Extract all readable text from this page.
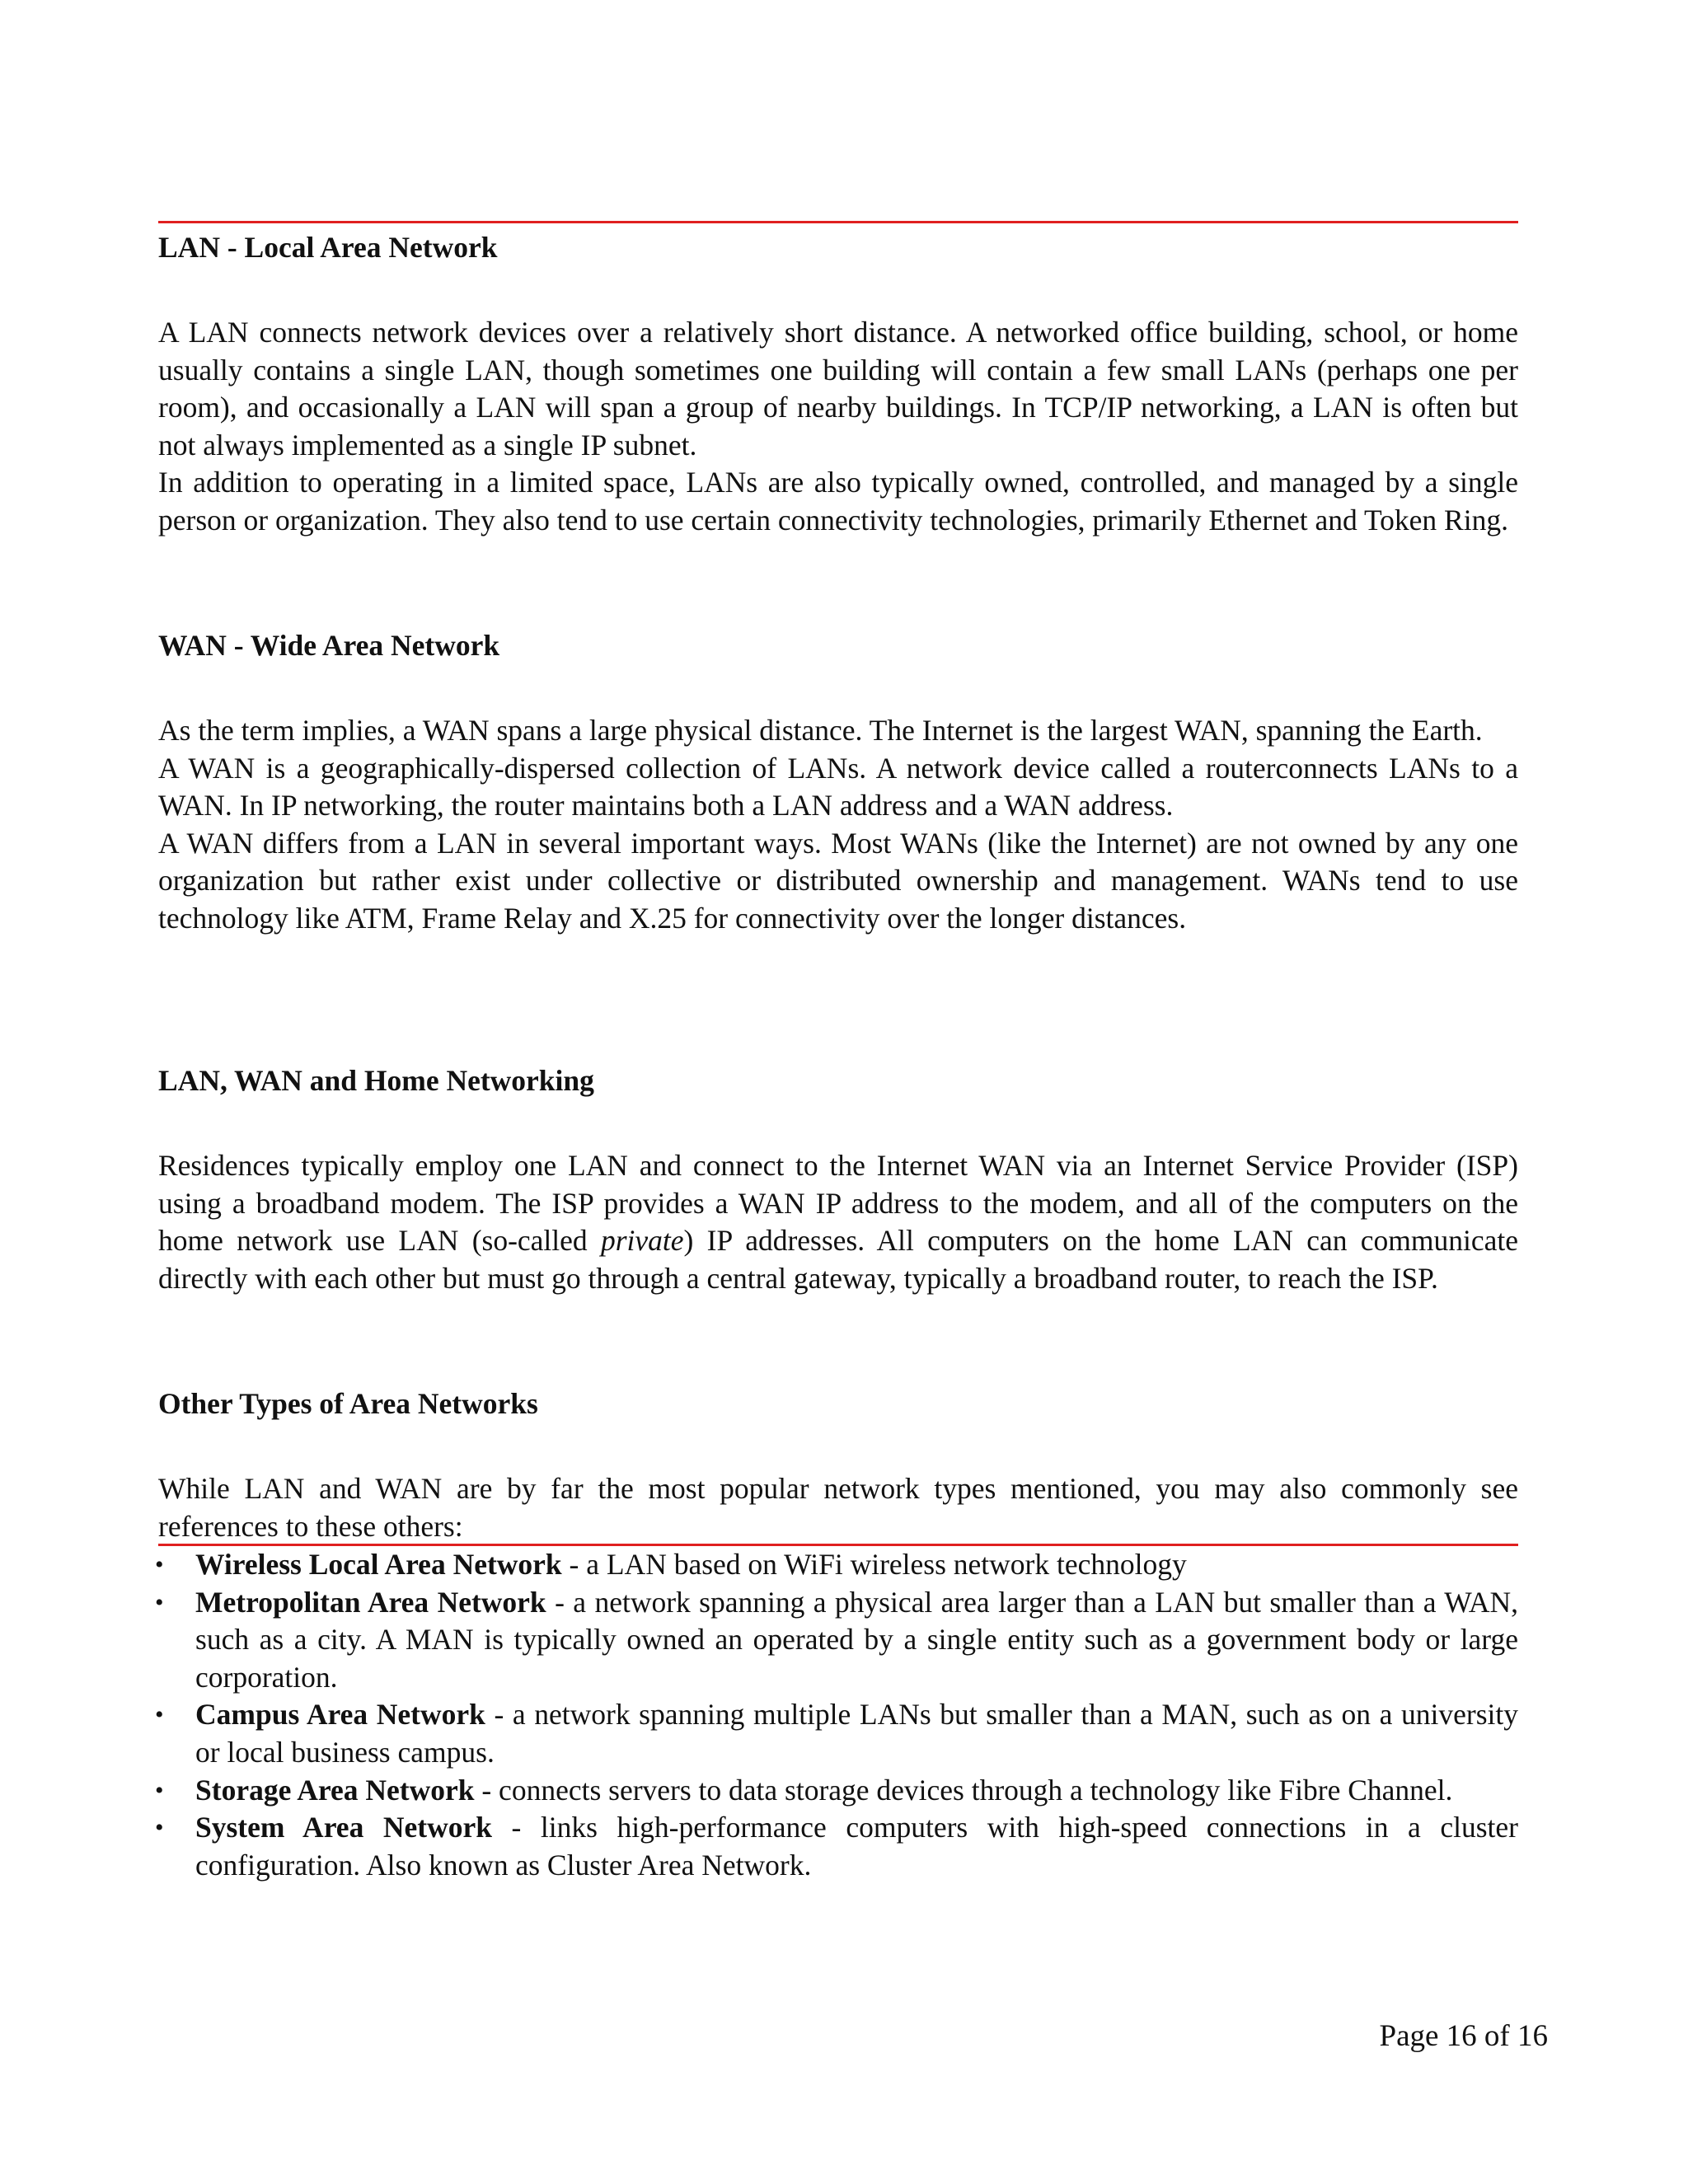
LAN - Local Area Network

A LAN connects network devices over a relatively short distance. A networked office building, school, or home usually contains a single LAN, though sometimes one building will contain a few small LANs (perhaps one per room), and occasionally a LAN will span a group of nearby buildings. In TCP/IP networking, a LAN is often but not always implemented as a single IP subnet.

In addition to operating in a limited space, LANs are also typically owned, controlled, and managed by a single person or organization. They also tend to use certain connectivity technologies, primarily Ethernet and Token Ring.

WAN - Wide Area Network

As the term implies, a WAN spans a large physical distance. The Internet is the largest WAN, spanning the Earth.

A WAN is a geographically-dispersed collection of LANs. A network device called a routerconnects LANs to a WAN. In IP networking, the router maintains both a LAN address and a WAN address.

A WAN differs from a LAN in several important ways. Most WANs (like the Internet) are not owned by any one organization but rather exist under collective or distributed ownership and management. WANs tend to use technology like ATM, Frame Relay and X.25 for connectivity over the longer distances.

LAN, WAN and Home Networking

Residences typically employ one LAN and connect to the Internet WAN via an Internet Service Provider (ISP) using a broadband modem. The ISP provides a WAN IP address to the modem, and all of the computers on the home network use LAN (so-called private) IP addresses. All computers on the home LAN can communicate directly with each other but must go through a central gateway, typically a broadband router, to reach the ISP.

Other Types of Area Networks

While LAN and WAN are by far the most popular network types mentioned, you may also commonly see references to these others:

• Wireless Local Area Network - a LAN based on WiFi wireless network technology
• Metropolitan Area Network - a network spanning a physical area larger than a LAN but smaller than a WAN, such as a city. A MAN is typically owned an operated by a single entity such as a government body or large corporation.
• Campus Area Network - a network spanning multiple LANs but smaller than a MAN, such as on a university or local business campus.
• Storage Area Network - connects servers to data storage devices through a technology like Fibre Channel.
• System Area Network - links high-performance computers with high-speed connections in a cluster configuration. Also known as Cluster Area Network.
Page 16 of 16
